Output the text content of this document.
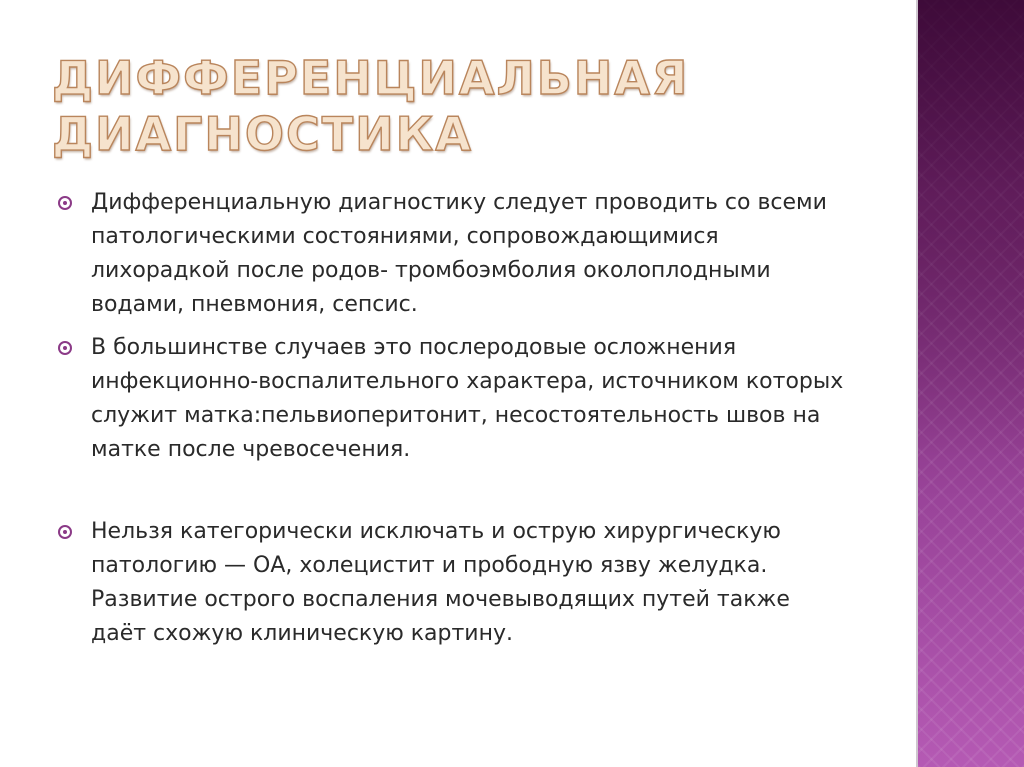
ДИФФЕРЕНЦИАЛЬНАЯ
ДИАГНОСТИКА
Дифференциальную диагностику следует проводить со всеми патологическими состояниями, сопровождающимися лихорадкой после родов- тромбоэмболия околоплодными водами, пневмония, сепсис.
В большинстве случаев это послеродовые осложнения инфекционно-воспалительного характера, источником которых служит матка:пельвиоперитонит, несостоятельность швов на матке после чревосечения.
Нельзя категорически исключать и острую хирургическую патологию — ОА, холецистит и прободную язву желудка. Развитие острого воспаления мочевыводящих путей также даёт схожую клиническую картину.
